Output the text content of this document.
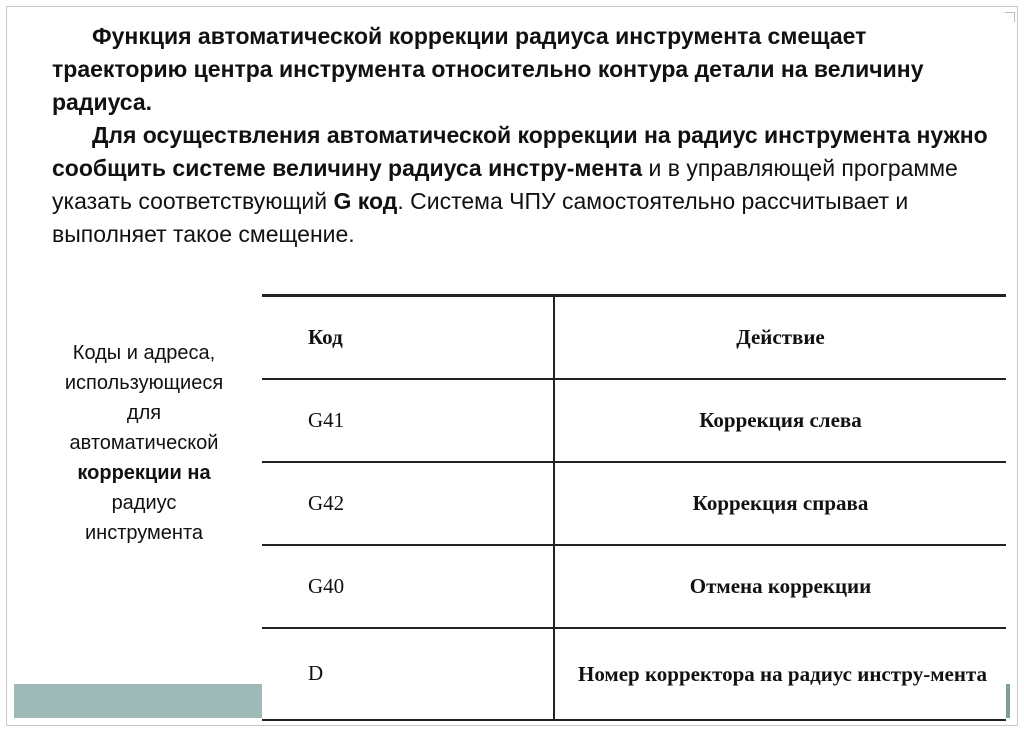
Функция автоматической коррекции радиуса инструмента смещает траекторию центра инструмента относительно контура детали на величину радиуса.

Для осуществления автоматической коррекции на радиус инструмента нужно сообщить системе величину радиуса инстру-мента и в управляющей программе указать соответствующий G код. Система ЧПУ самостоятельно рассчитывает и выполняет такое смещение.

Коды и адреса,
использующиеся
для
автоматической
коррекции на
радиус
инструмента
Код	Действие
G41	Коррекция слева
G42	Коррекция справа
G40	Отмена коррекции
D	Номер корректора на радиус инстру-мента
